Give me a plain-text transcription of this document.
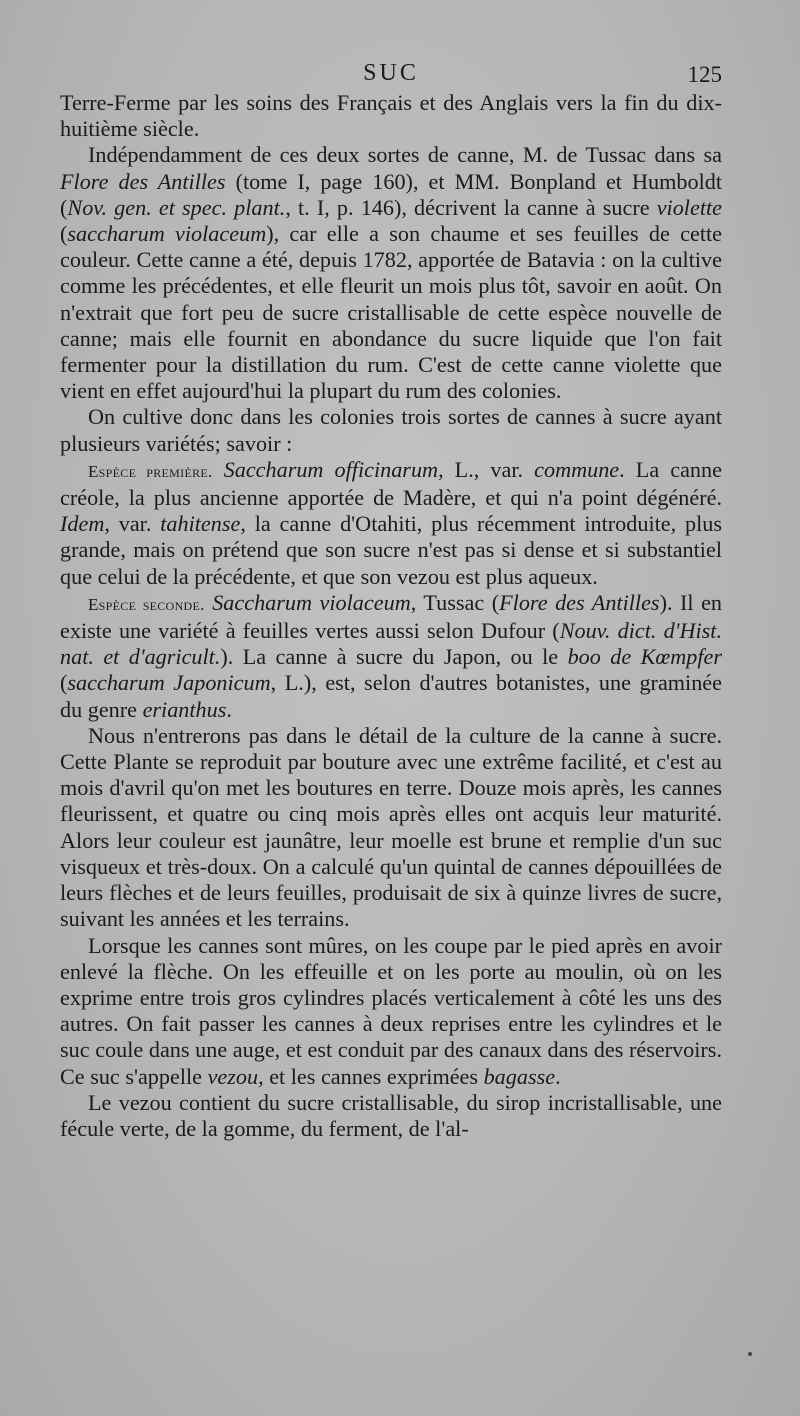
SUC	125

Terre-Ferme par les soins des Français et des Anglais vers la fin du dix-huitième siècle.

Indépendamment de ces deux sortes de canne, M. de Tussac dans sa Flore des Antilles (tome I, page 160), et MM. Bonpland et Humboldt (Nov. gen. et spec. plant., t. I, p. 146), décrivent la canne à sucre violette (saccharum violaceum), car elle a son chaume et ses feuilles de cette couleur. Cette canne a été, depuis 1782, apportée de Batavia : on la cultive comme les précédentes, et elle fleurit un mois plus tôt, savoir en août. On n'extrait que fort peu de sucre cristallisable de cette espèce nouvelle de canne; mais elle fournit en abondance du sucre liquide que l'on fait fermenter pour la distillation du rum. C'est de cette canne violette que vient en effet aujourd'hui la plupart du rum des colonies.

On cultive donc dans les colonies trois sortes de cannes à sucre ayant plusieurs variétés; savoir :

Espèce première. Saccharum officinarum, L., var. commune. La canne créole, la plus ancienne apportée de Madère, et qui n'a point dégénéré. Idem, var. tahitense, la canne d'Otahiti, plus récemment introduite, plus grande, mais on prétend que son sucre n'est pas si dense et si substantiel que celui de la précédente, et que son vezou est plus aqueux.

Espèce seconde. Saccharum violaceum, Tussac (Flore des Antilles). Il en existe une variété à feuilles vertes aussi selon Dufour (Nouv. dict. d'Hist. nat. et d'agricult.). La canne à sucre du Japon, ou le boo de Kœmpfer (saccharum Japonicum, L.), est, selon d'autres botanistes, une graminée du genre erianthus.

Nous n'entrerons pas dans le détail de la culture de la canne à sucre. Cette Plante se reproduit par bouture avec une extrême facilité, et c'est au mois d'avril qu'on met les boutures en terre. Douze mois après, les cannes fleurissent, et quatre ou cinq mois après elles ont acquis leur maturité. Alors leur couleur est jaunâtre, leur moelle est brune et remplie d'un suc visqueux et très-doux. On a calculé qu'un quintal de cannes dépouillées de leurs flèches et de leurs feuilles, produisait de six à quinze livres de sucre, suivant les années et les terrains.

Lorsque les cannes sont mûres, on les coupe par le pied après en avoir enlevé la flèche. On les effeuille et on les porte au moulin, où on les exprime entre trois gros cylindres placés verticalement à côté les uns des autres. On fait passer les cannes à deux reprises entre les cylindres et le suc coule dans une auge, et est conduit par des canaux dans des réservoirs. Ce suc s'appelle vezou, et les cannes exprimées bagasse.

Le vezou contient du sucre cristallisable, du sirop incristallisable, une fécule verte, de la gomme, du ferment, de l'al-
